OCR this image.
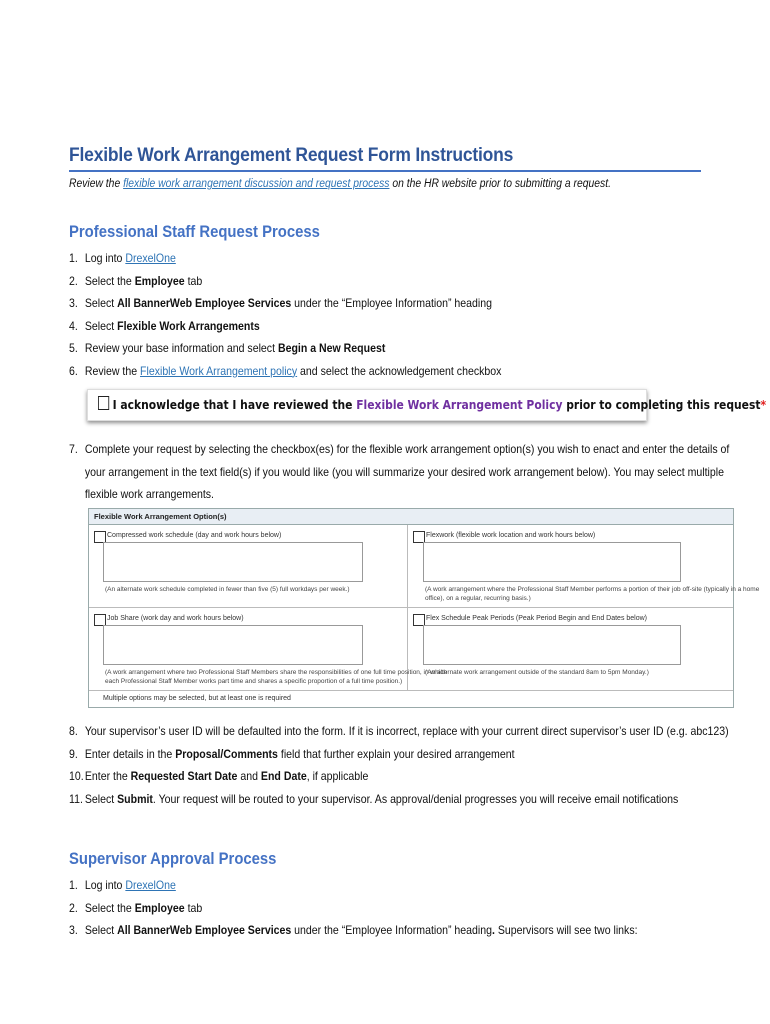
Flexible Work Arrangement Request Form Instructions
Review the flexible work arrangement discussion and request process on the HR website prior to submitting a request.
Professional Staff Request Process
1. Log into DrexelOne
2. Select the Employee tab
3. Select All BannerWeb Employee Services under the “Employee Information” heading
4. Select Flexible Work Arrangements
5. Review your base information and select Begin a New Request
6. Review the Flexible Work Arrangement policy and select the acknowledgement checkbox
I acknowledge that I have reviewed the Flexible Work Arrangement Policy prior to completing this request*
7. Complete your request by selecting the checkbox(es) for the flexible work arrangement option(s) you wish to enact and enter the details of
your arrangement in the text field(s) if you would like (you will summarize your desired work arrangement below). You may select multiple
flexible work arrangements.
Flexible Work Arrangement Option(s)
Compressed work schedule (day and work hours below)
(An alternate work schedule completed in fewer than five (5) full workdays per week.)
Flexwork (flexible work location and work hours below)
(A work arrangement where the Professional Staff Member performs a portion of their job off-site (typically in a home
office), on a regular, recurring basis.)
Job Share (work day and work hours below)
(A work arrangement where two Professional Staff Members share the responsibilities of one full time position, in which
each Professional Staff Member works part time and shares a specific proportion of a full time position.)
Flex Schedule Peak Periods (Peak Period Begin and End Dates below)
(An alternate work arrangement outside of the standard 8am to 5pm Monday.)
Multiple options may be selected, but at least one is required
8. Your supervisor’s user ID will be defaulted into the form. If it is incorrect, replace with your current direct supervisor’s user ID (e.g. abc123)
9. Enter details in the Proposal/Comments field that further explain your desired arrangement
10. Enter the Requested Start Date and End Date, if applicable
11. Select Submit. Your request will be routed to your supervisor. As approval/denial progresses you will receive email notifications
Supervisor Approval Process
1. Log into DrexelOne
2. Select the Employee tab
3. Select All BannerWeb Employee Services under the “Employee Information” heading. Supervisors will see two links:
